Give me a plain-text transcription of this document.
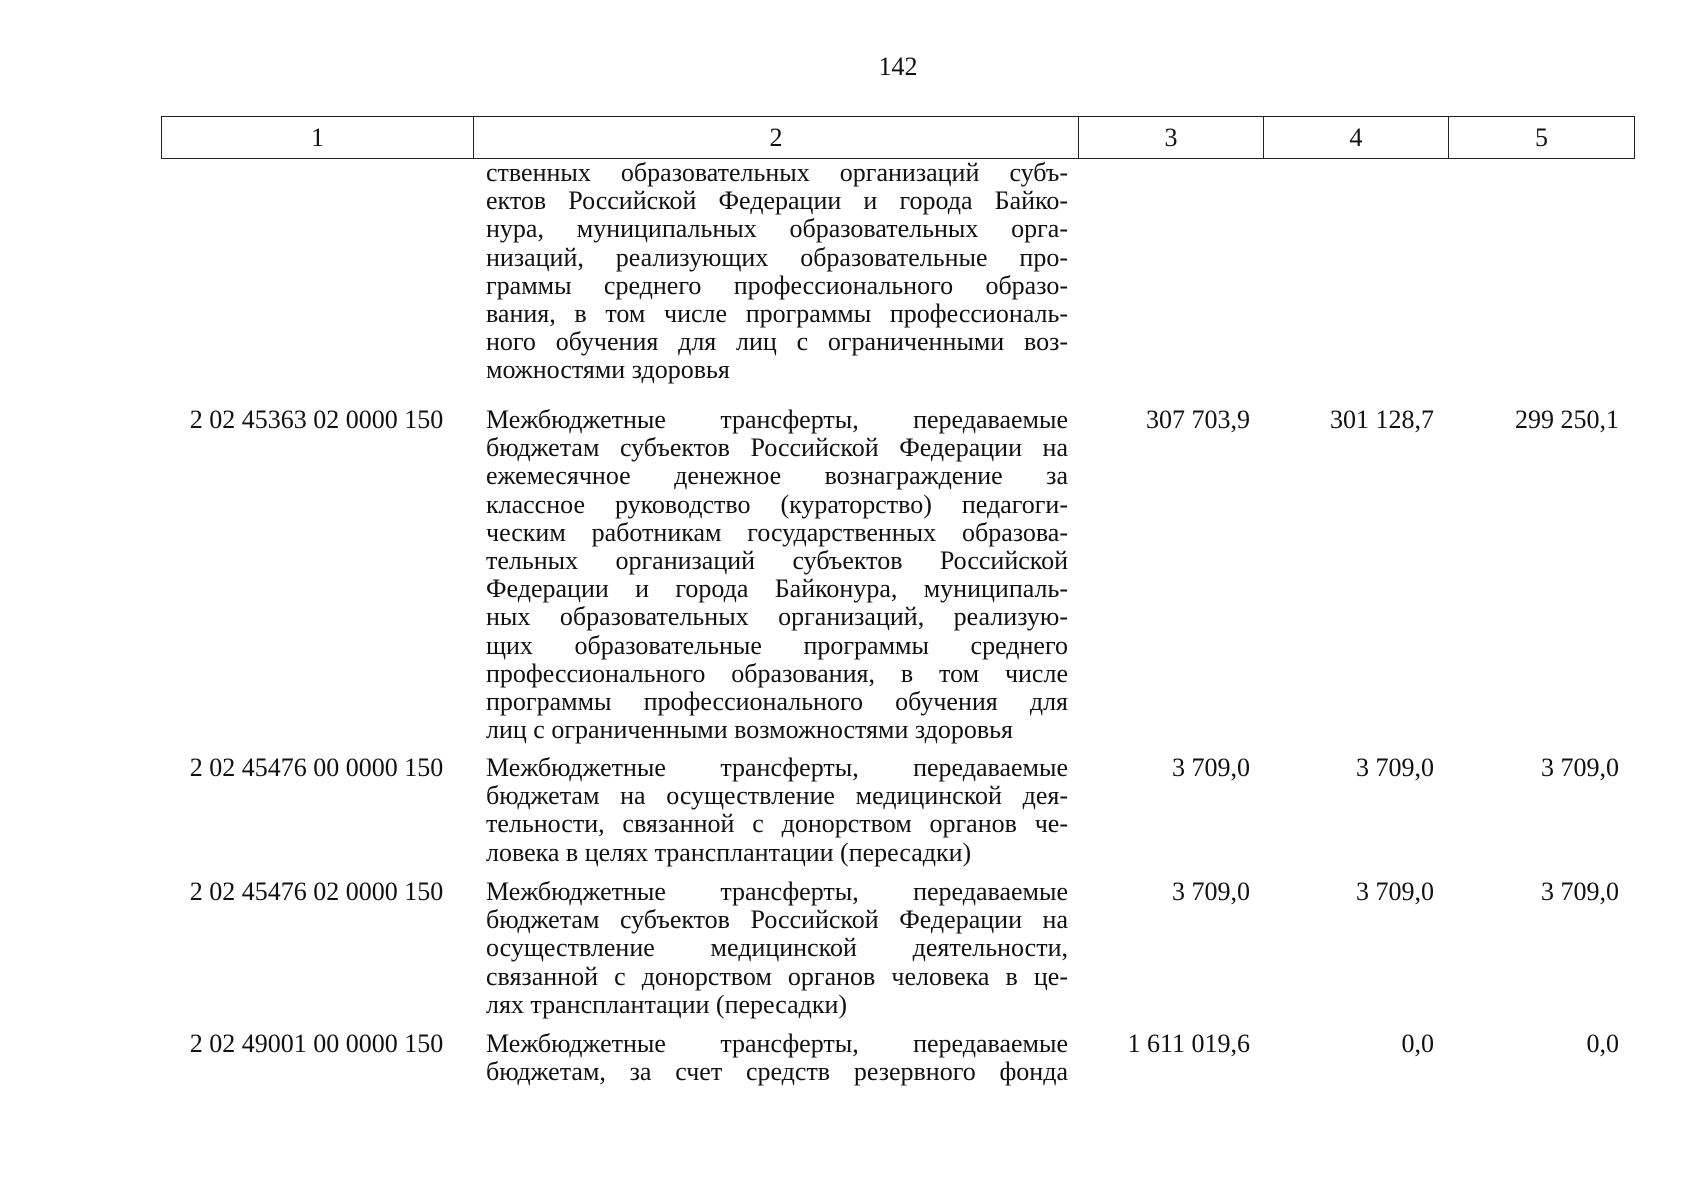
142
1	2	3	4	5
ственных образовательных организаций субъ-
ектов Российской Федерации и города Байко-
нура, муниципальных образовательных орга-
низаций, реализующих образовательные про-
граммы среднего профессионального образо-
вания, в том числе программы профессиональ-
ного обучения для лиц с ограниченными воз-
можностями здоровья
2 02 45363 02 0000 150	Межбюджетные трансферты, передаваемые
бюджетам субъектов Российской Федерации на
ежемесячное денежное вознаграждение за
классное руководство (кураторство) педагоги-
ческим работникам государственных образова-
тельных организаций субъектов Российской
Федерации и города Байконура, муниципаль-
ных образовательных организаций, реализую-
щих образовательные программы среднего
профессионального образования, в том числе
программы профессионального обучения для
лиц с ограниченными возможностями здоровья
307 703,9	301 128,7	299 250,1
2 02 45476 00 0000 150	Межбюджетные трансферты, передаваемые
бюджетам на осуществление медицинской дея-
тельности, связанной с донорством органов че-
ловека в целях трансплантации (пересадки)
3 709,0	3 709,0	3 709,0
2 02 45476 02 0000 150	Межбюджетные трансферты, передаваемые
бюджетам субъектов Российской Федерации на
осуществление медицинской деятельности,
связанной с донорством органов человека в це-
лях трансплантации (пересадки)
3 709,0	3 709,0	3 709,0
2 02 49001 00 0000 150	Межбюджетные трансферты, передаваемые
бюджетам, за счет средств резервного фонда
1 611 019,6	0,0	0,0
